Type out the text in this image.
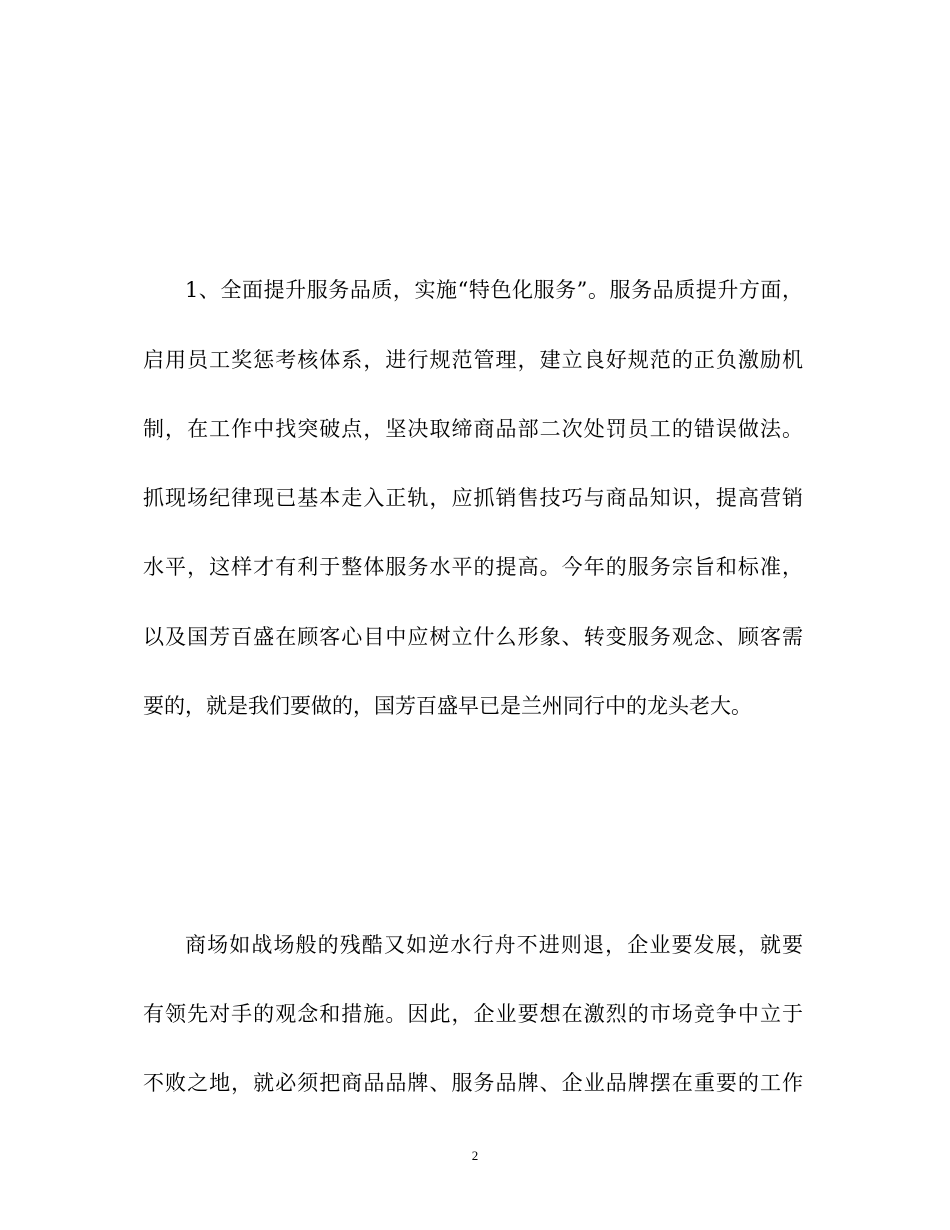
1、全面提升服务品质，实施“特色化服务”。服务品质提升方面，
启用员工奖惩考核体系，进行规范管理，建立良好规范的正负激励机
制，在工作中找突破点，坚决取缔商品部二次处罚员工的错误做法。
抓现场纪律现已基本走入正轨，应抓销售技巧与商品知识，提高营销
水平，这样才有利于整体服务水平的提高。今年的服务宗旨和标准，
以及国芳百盛在顾客心目中应树立什么形象、转变服务观念、顾客需
要的，就是我们要做的，国芳百盛早已是兰州同行中的龙头老大。
商场如战场般的残酷又如逆水行舟不进则退，企业要发展，就要
有领先对手的观念和措施。因此，企业要想在激烈的市场竞争中立于
不败之地，就必须把商品品牌、服务品牌、企业品牌摆在重要的工作
2
